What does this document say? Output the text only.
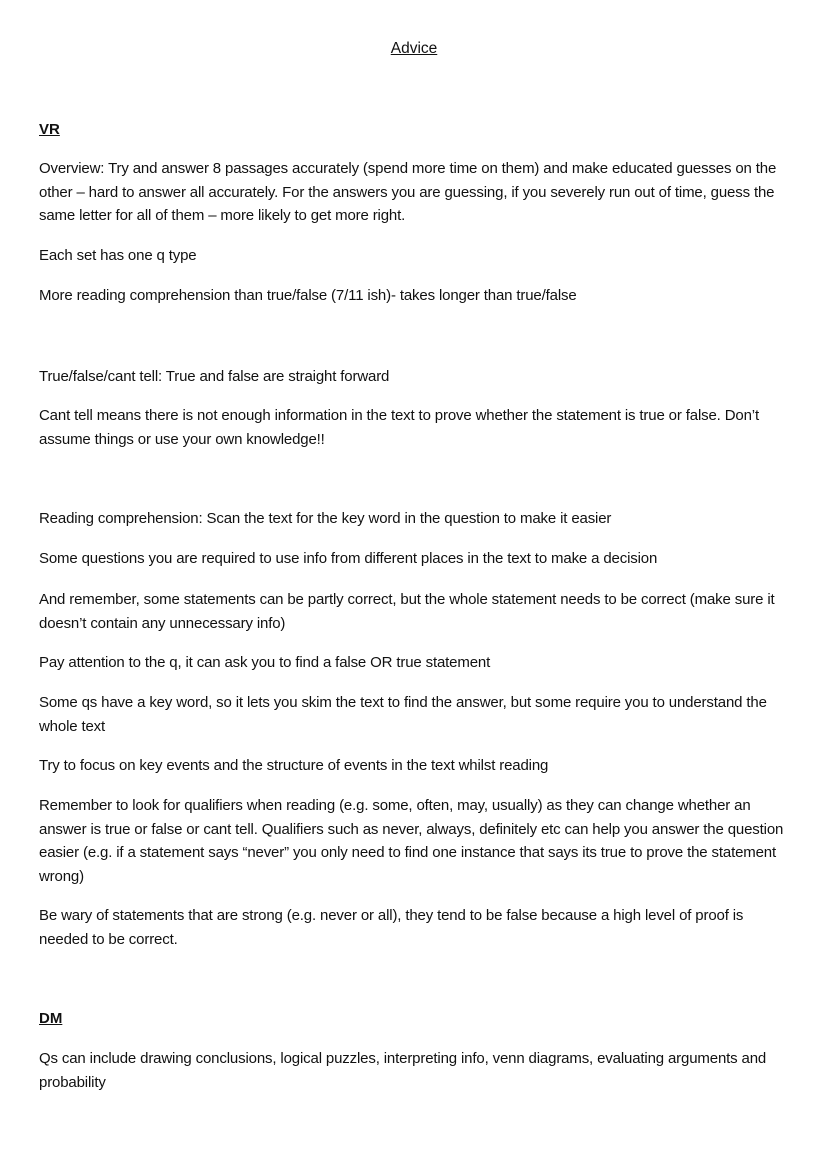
Advice
VR

Overview: Try and answer 8 passages accurately (spend more time on them) and make educated guesses on the other – hard to answer all accurately. For the answers you are guessing, if you severely run out of time, guess the same letter for all of them – more likely to get more right.

Each set has one q type

More reading comprehension than true/false (7/11 ish)- takes longer than true/false

True/false/cant tell: True and false are straight forward

Cant tell means there is not enough information in the text to prove whether the statement is true or false. Don’t assume things or use your own knowledge!!

Reading comprehension: Scan the text for the key word in the question to make it easier

Some questions you are required to use info from different places in the text to make a decision

And remember, some statements can be partly correct, but the whole statement needs to be correct (make sure it doesn’t contain any unnecessary info)

Pay attention to the q, it can ask you to find a false OR true statement

Some qs have a key word, so it lets you skim the text to find the answer, but some require you to understand the whole text

Try to focus on key events and the structure of events in the text whilst reading

Remember to look for qualifiers when reading (e.g. some, often, may, usually) as they can change whether an answer is true or false or cant tell. Qualifiers such as never, always, definitely etc can help you answer the question easier (e.g. if a statement says “never” you only need to find one instance that says its true to prove the statement wrong)

Be wary of statements that are strong (e.g. never or all), they tend to be false because a high level of proof is needed to be correct.

DM

Qs can include drawing conclusions, logical puzzles, interpreting info, venn diagrams, evaluating arguments and probability
